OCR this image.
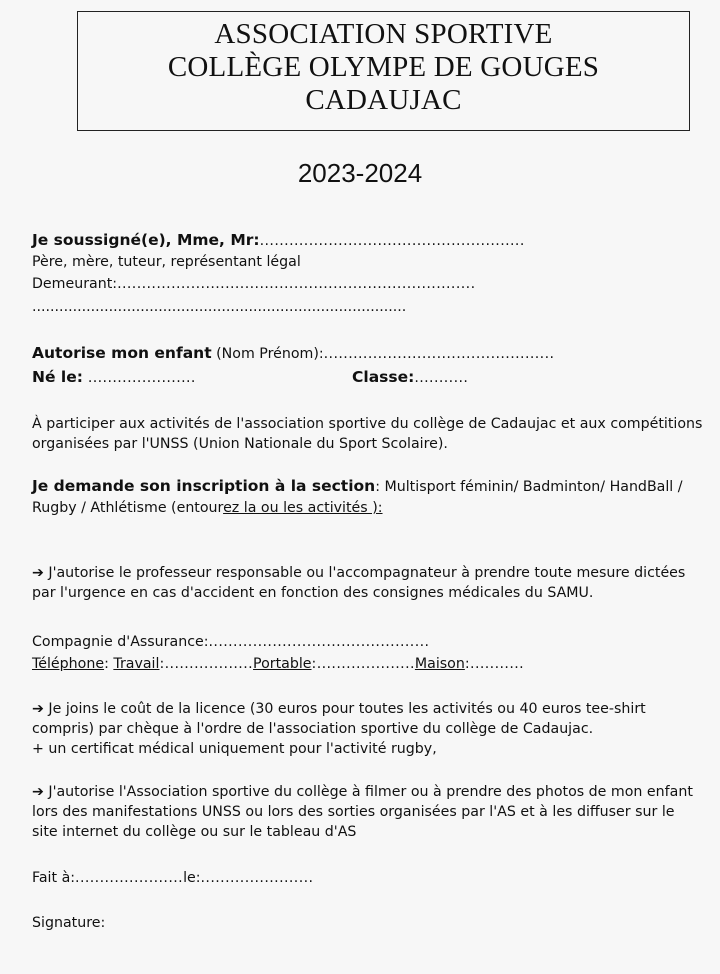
ASSOCIATION SPORTIVE
COLLÈGE OLYMPE DE GOUGES
CADAUJAC
2023-2024
Je soussigné(e), Mme, Mr:......................................................
Père, mère, tuteur, représentant légal
Demeurant:.........................................................................
...................................................................................
Autorise mon enfant (Nom Prénom):...............................................
Né le: ......................	Classe:...........
À participer aux activités de l'association sportive du collège de Cadaujac et aux compétitions
organisées par l'UNSS (Union Nationale du Sport Scolaire).
Je demande son inscription à la section: Multisport féminin/ Badminton/ HandBall /
Rugby / Athlétisme (entourez la ou les activités ):
➔ J'autorise le professeur responsable ou l'accompagnateur à prendre toute mesure dictées
par l'urgence en cas d'accident en fonction des consignes médicales du SAMU.
Compagnie d'Assurance:.............................................
Téléphone: Travail:..................Portable:....................Maison:...........
➔ Je joins le coût de la licence (30 euros pour toutes les activités ou 40 euros tee-shirt
compris) par chèque à l'ordre de l'association sportive du collège de Cadaujac.
+ un certificat médical uniquement pour l'activité rugby,
➔ J'autorise l'Association sportive du collège à filmer ou à prendre des photos de mon enfant
lors des manifestations UNSS ou lors des sorties organisées par l'AS et à les diffuser sur le
site internet du collège ou sur le tableau d'AS
Fait à:......................le:.......................
Signature:
